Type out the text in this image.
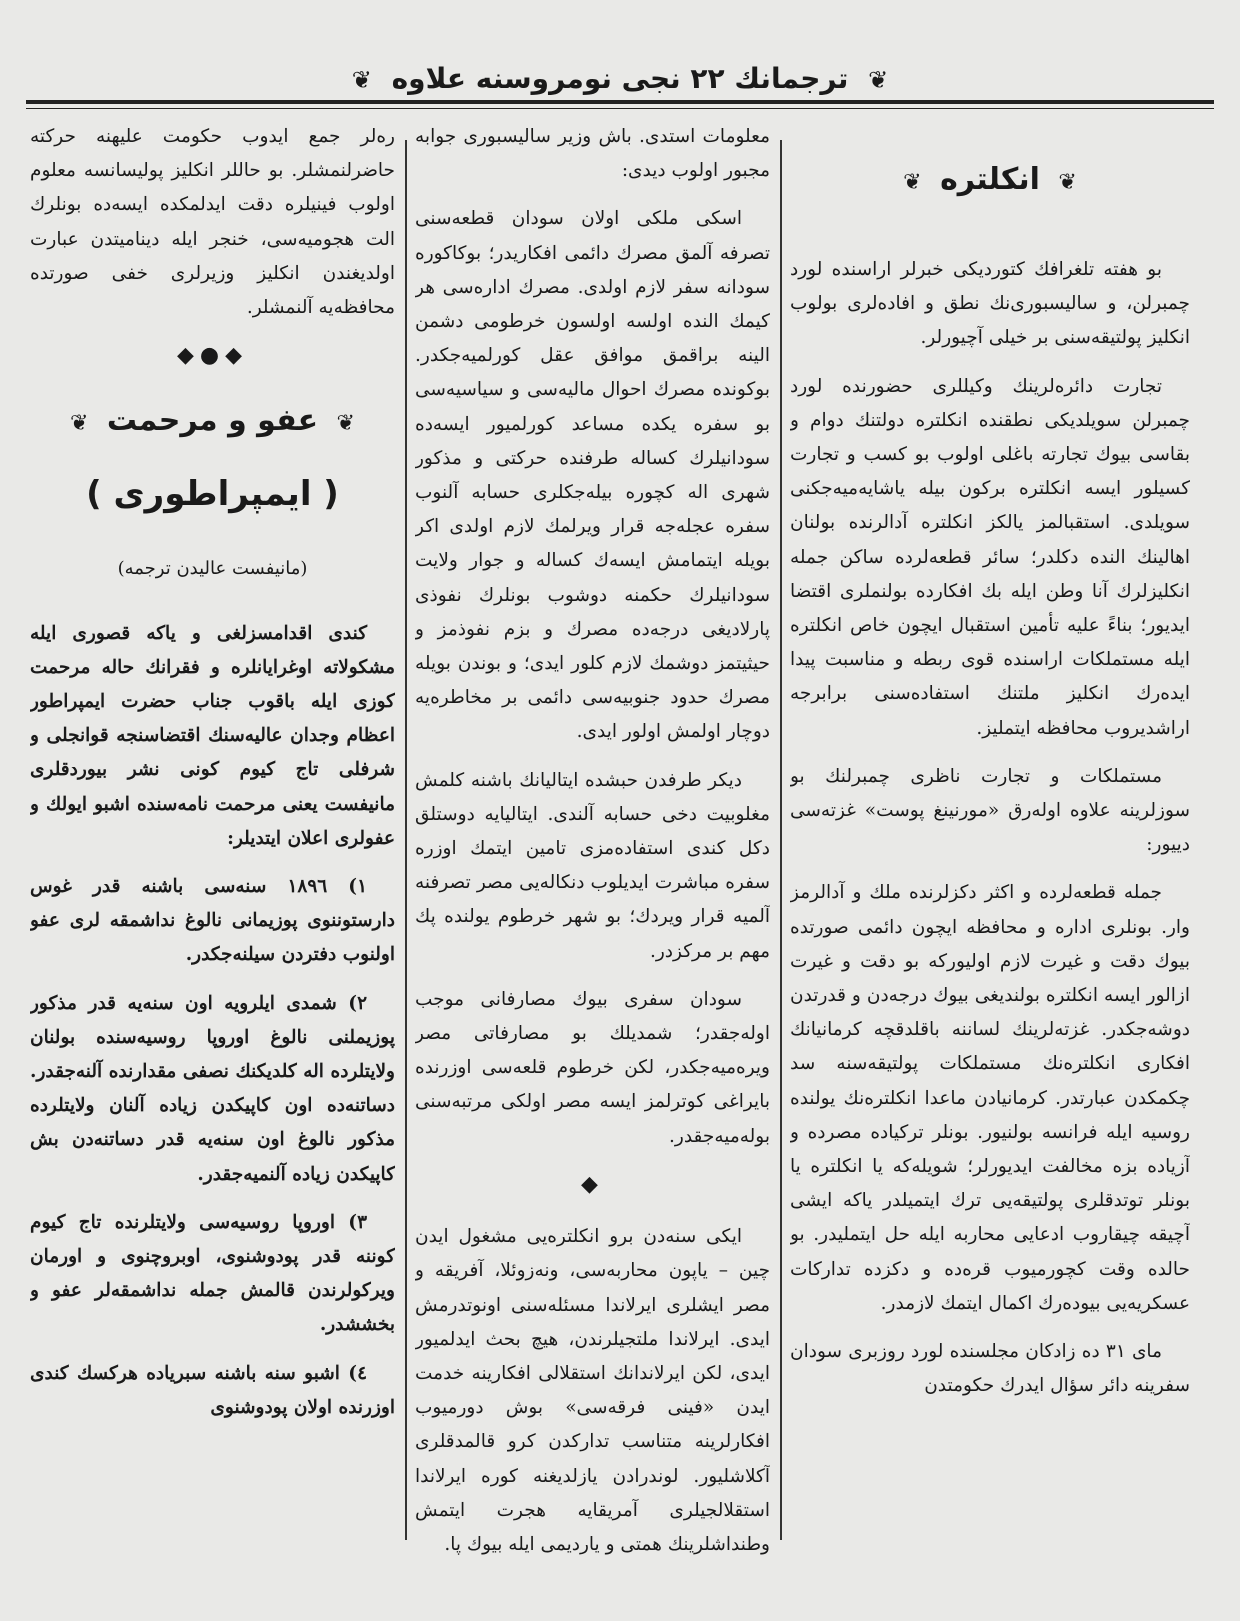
❦ ترجمانك ٢٢ نجى نومروسنه علاوه ❦
❦ انكلتره ❦

بو هفته تلغرافك كتورديكى خبرلر اراسنده لورد چمبرلن، و سالیسبوری‌نك نطق و افاده‌لری بولوب انكلیز پولتیقه‌سنی بر خیلی آچیورلر.

تجارت دائره‌لرینك وكیللری حضورنده لورد چمبرلن سویلدیكی نطقنده انكلتره دولتنك دوام و بقاسی بیوك تجارته باغلی اولوب بو كسب و تجارت كسیلور ایسه انكلتره بركون بیله یاشایه‌میه‌جكنی سویلدی. استقبالمز یالكز انكلتره آدالرنده بولنان اهالینك النده دكلدر؛ سائر قطعه‌لرده ساكن جمله انكلیزلرك آنا وطن ایله بك افكارده بولنملری اقتضا ایدیور؛ بناءً علیه تأمین استقبال ایچون خاص انكلتره ایله مستملكات اراسنده قوی ربطه و مناسبت پیدا ایده‌رك انكلیز ملتنك استفاده‌سنی برابرجه اراشدیروب محافظه ایتملیز.

مستملكات و تجارت ناظری چمبرلنك بو سوزلرینه علاوه اوله‌رق «مورنینغ پوست» غزته‌سی دییور:

جمله قطعه‌لرده و اكثر دكزلرنده ملك و آدالرمز وار. بونلری اداره و محافظه ایچون دائمی صورتده بیوك دقت و غیرت لازم اولیوركه بو دقت و غیرت ازالور ایسه انكلتره بولندیغی بیوك درجه‌دن و قدرتدن دوشه‌جكدر. غزته‌لرینك لساننه باقلدقچه كرمانیانك افكاری انكلتره‌نك مستملكات پولتیقه‌سنه سد چكمكدن عبارتدر. كرمانیادن ماعدا انكلتره‌نك یولنده روسیه ایله فرانسه بولنیور. بونلر تركیاده مصرده و آزیاده بزه مخالفت ایدیورلر؛ شویله‌كه یا انكلتره یا بونلر توتدقلری پولتیقه‌یی ترك ایتمیلدر یاكه ایشی آچیقه چیقاروب ادعایی محاربه ایله حل ایتملیدر. بو حالده وقت كچورمیوب قره‌ده و دكزده تدارکات عسكریه‌یی بیوده‌رك اكمال ایتمك لازمدر.

مای ٣١ ده زادكان مجلسنده لورد روزبری سودان سفرینه دائر سؤال ایدرك حكومتدن

معلومات استدی. باش وزیر سالیسبوری جوابه مجبور اولوب دیدی:

اسكی ملكی اولان سودان قطعه‌سنی تصرفه آلمق مصرك دائمی افكاریدر؛ بوكاكوره سودانه سفر لازم اولدی. مصرك اداره‌سی هر كیمك النده اولسه اولسون خرطومی دشمن الینه براقمق موافق عقل كورلمیه‌جكدر. بوكونده مصرك احوال مالیه‌سی و سیاسیه‌سی بو سفره یكده مساعد كورلمیور ایسه‌ده سودانیلرك كساله طرفنده حركتی و مذكور شهری اله كچوره بیله‌جكلری حسابه آلنوب سفره عجله‌جه قرار ویرلمك لازم اولدی اكر بویله ایتمامش ایسه‌ك كساله و جوار ولایت سودانیلرك حكمنه دوشوب بونلرك نفوذی پارلادیغی درجه‌ده مصرك و بزم نفوذمز و حیثیتمز دوشمك لازم كلور ایدی؛ و بوندن بویله مصرك حدود جنوبیه‌سی دائمی بر مخاطره‌یه دوچار اولمش اولور ایدی.

دیكر طرفدن حبشده ایتالیانك باشنه كلمش مغلوبیت دخی حسابه آلندی. ایتالیایه دوستلق دكل كندی استفاده‌مزی تامین ایتمك اوزره سفره مباشرت ایدیلوب دنكاله‌یی مصر تصرفنه آلمیه قرار ویردك؛ بو شهر خرطوم یولنده پك مهم بر مركزدر.

سودان سفری بیوك مصارفانی موجب اوله‌جقدر؛ شمدیلك بو مصارفاتی مصر ویره‌میه‌جكدر، لكن خرطوم قلعه‌سی اوزرنده بایراغی كوترلمز ایسه مصر اولكی مرتبه‌سنی بوله‌میه‌جقدر.

◆

ایكی سنه‌دن برو انكلتره‌یی مشغول ایدن چین – یاپون محاربه‌سی، ونه‌زوئلا، آفریقه و مصر ایشلری ایرلاندا مسئله‌سنی اونوتدرمش ایدی. ایرلاندا ملتجیلرندن، هیچ بحث ایدلمیور ایدی، لكن ایرلاندانك استقلالی افكارینه خدمت ایدن «فینی فرقه‌سی» بوش دورمیوب افكارلرینه متناسب تداركدن كرو قالمدقلری آكلاشلیور. لوندرادن یازلدیغنه كوره ایرلاندا استقلالجیلری آمریقایه هجرت ایتمش وطنداشلرینك همتی و یاردیمی ایله بیوك پا.

ره‌لر جمع ایدوب حكومت علیهنه حركته حاضرلنمشلر. بو حاللر انكلیز پولیسانسه معلوم اولوب فینیلره دقت ایدلمكده ایسه‌ده بونلرك الت هجومیه‌سی، خنجر ایله دینامیتدن عبارت اولدیغندن انكلیز وزیرلری خفی صورتده محافظه‌یه آلنمشلر.

◆●◆
❦ عفو و مرحمت ❦
( ایمپراطوری )
(مانیفست عالیدن ترجمه)

كندی اقدامسزلغی و یاكه قصوری ایله مشكولاته اوغرایانلره و فقرانك حاله مرحمت كوزی ایله باقوب جناب حضرت ایمپراطور اعظام وجدان عالیه‌سنك اقتضاسنجه قوانجلی و شرفلی تاج كیوم كونی نشر بیوردقلری مانیفست یعنی مرحمت نامه‌سنده اشبو ایولك و عفولری اعلان ایتدیلر:

١) ١٨٩٦ سنه‌سی باشنه قدر غوس دارستوننوی پوزیمانی نالوغ نداشمقه لری عفو اولنوب دفتردن سیلنه‌جكدر.

٢) شمدی ایلرویه اون سنه‌یه قدر مذكور پوزیملنی نالوغ اوروپا روسیه‌سنده بولنان ولایتلرده اله كلدیكنك نصفی مقدارنده آلنه‌جقدر. دساتنه‌ده اون كاپیكدن زیاده آلنان ولایتلرده مذكور نالوغ اون سنه‌یه قدر دساتنه‌دن بش كاپیكدن زیاده آلنمیه‌جقدر.

٣) اوروپا روسیه‌سی ولایتلرنده تاج كیوم كوننه قدر پودوشنوی، اوبروچنوی و اورمان ویركولرندن قالمش جمله نداشمقه‌لر عفو و بخششدر.

٤) اشبو سنه باشنه سبرياده هركسك كندی اوزرنده اولان پودوشنوی
